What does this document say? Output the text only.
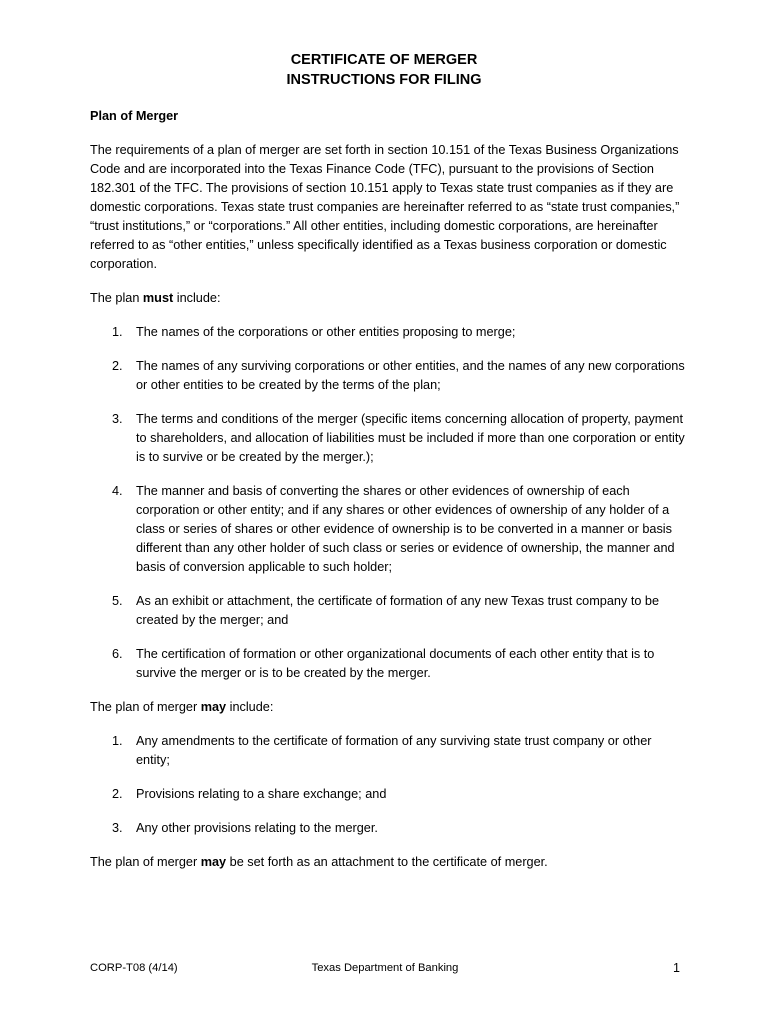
CERTIFICATE OF MERGER
INSTRUCTIONS FOR FILING

Plan of Merger

The requirements of a plan of merger are set forth in section 10.151 of the Texas Business Organizations Code and are incorporated into the Texas Finance Code (TFC), pursuant to the provisions of Section 182.301 of the TFC. The provisions of section 10.151 apply to Texas state trust companies as if they are domestic corporations. Texas state trust companies are hereinafter referred to as “state trust companies,” “trust institutions,” or “corporations.” All other entities, including domestic corporations, are hereinafter referred to as “other entities,” unless specifically identified as a Texas business corporation or domestic corporation.

The plan must include:

1. The names of the corporations or other entities proposing to merge;
2. The names of any surviving corporations or other entities, and the names of any new corporations or other entities to be created by the terms of the plan;
3. The terms and conditions of the merger (specific items concerning allocation of property, payment to shareholders, and allocation of liabilities must be included if more than one corporation or entity is to survive or be created by the merger.);
4. The manner and basis of converting the shares or other evidences of ownership of each corporation or other entity; and if any shares or other evidences of ownership of any holder of a class or series of shares or other evidence of ownership is to be converted in a manner or basis different than any other holder of such class or series or evidence of ownership, the manner and basis of conversion applicable to such holder;
5. As an exhibit or attachment, the certificate of formation of any new Texas trust company to be created by the merger; and
6. The certification of formation or other organizational documents of each other entity that is to survive the merger or is to be created by the merger.

The plan of merger may include:

1. Any amendments to the certificate of formation of any surviving state trust company or other entity;
2. Provisions relating to a share exchange; and
3. Any other provisions relating to the merger.

The plan of merger may be set forth as an attachment to the certificate of merger.

Texas Department of Banking
CORP-T08 (4/14)	1
